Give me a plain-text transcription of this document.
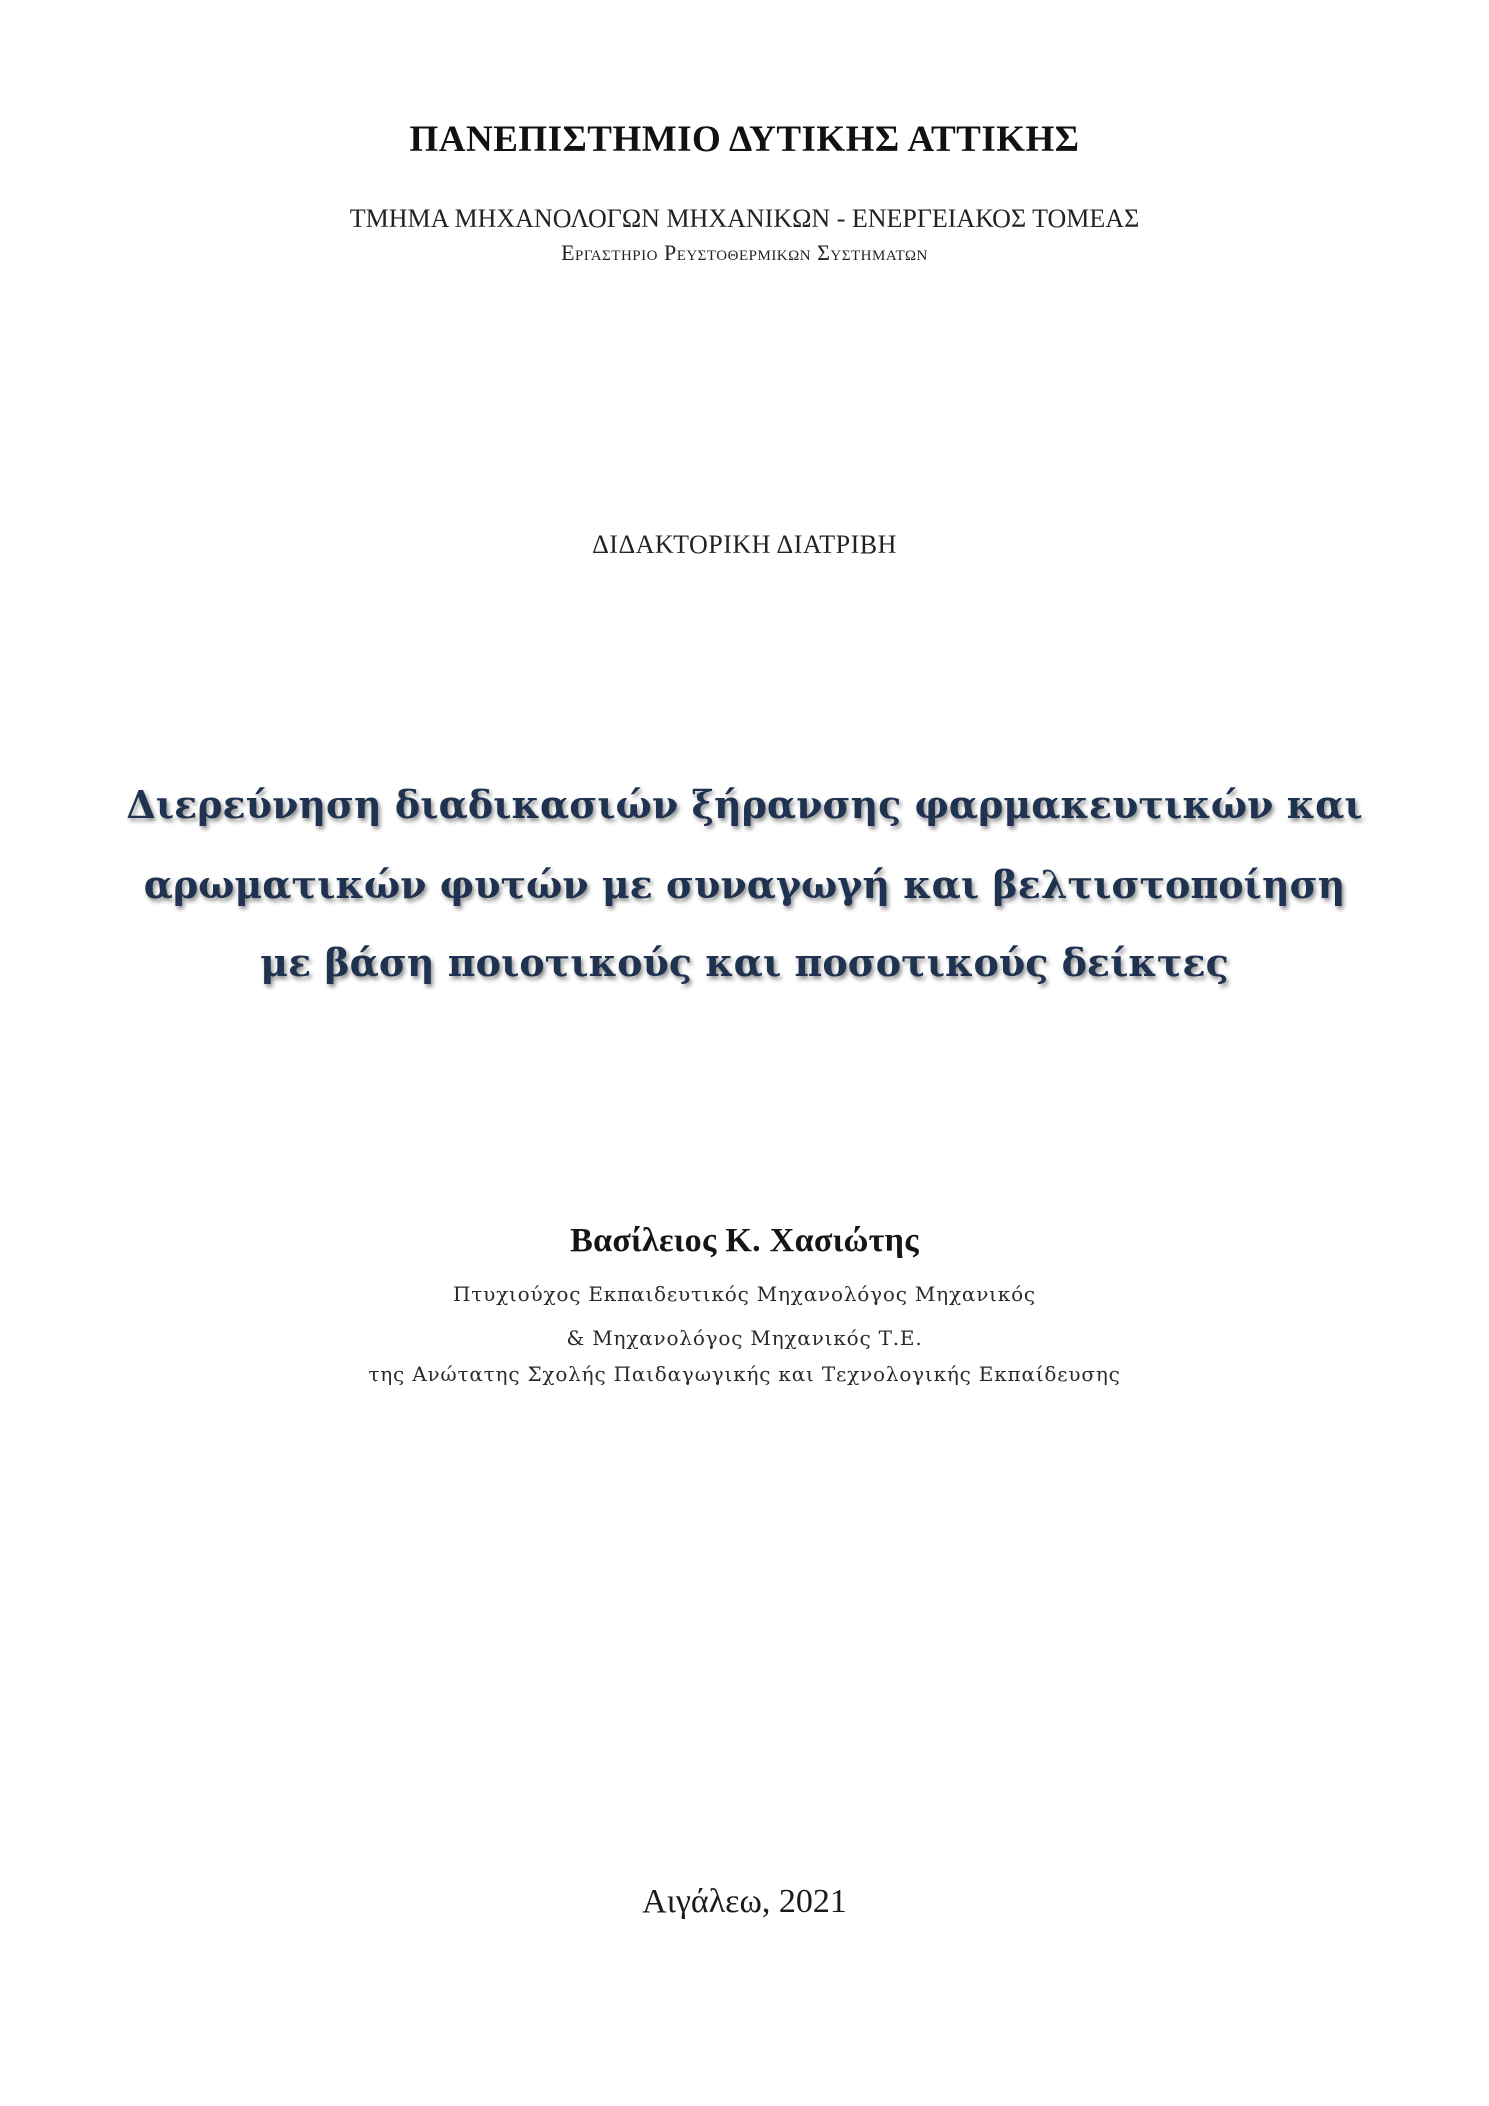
ΠΑΝΕΠΙΣΤΗΜΙΟ ΔΥΤΙΚΗΣ ΑΤΤΙΚΗΣ
ΤΜΗΜΑ ΜΗΧΑΝΟΛΟΓΩΝ ΜΗΧΑΝΙΚΩΝ - ΕΝΕΡΓΕΙΑΚΟΣ ΤΟΜΕΑΣ
Εργαστηριο Ρευστοθερμικων Συστηματων
ΔΙΔΑΚΤΟΡΙΚΗ ΔΙΑΤΡΙΒΗ
Διερεύνηση διαδικασιών ξήρανσης φαρμακευτικών και
αρωματικών φυτών με συναγωγή και βελτιστοποίηση
με βάση ποιοτικούς και ποσοτικούς δείκτες
Βασίλειος Κ. Χασιώτης
Πτυχιούχος Εκπαιδευτικός Μηχανολόγος Μηχανικός
& Μηχανολόγος Μηχανικός Τ.Ε.
της Ανώτατης Σχολής Παιδαγωγικής και Τεχνολογικής Εκπαίδευσης
Αιγάλεω, 2021
